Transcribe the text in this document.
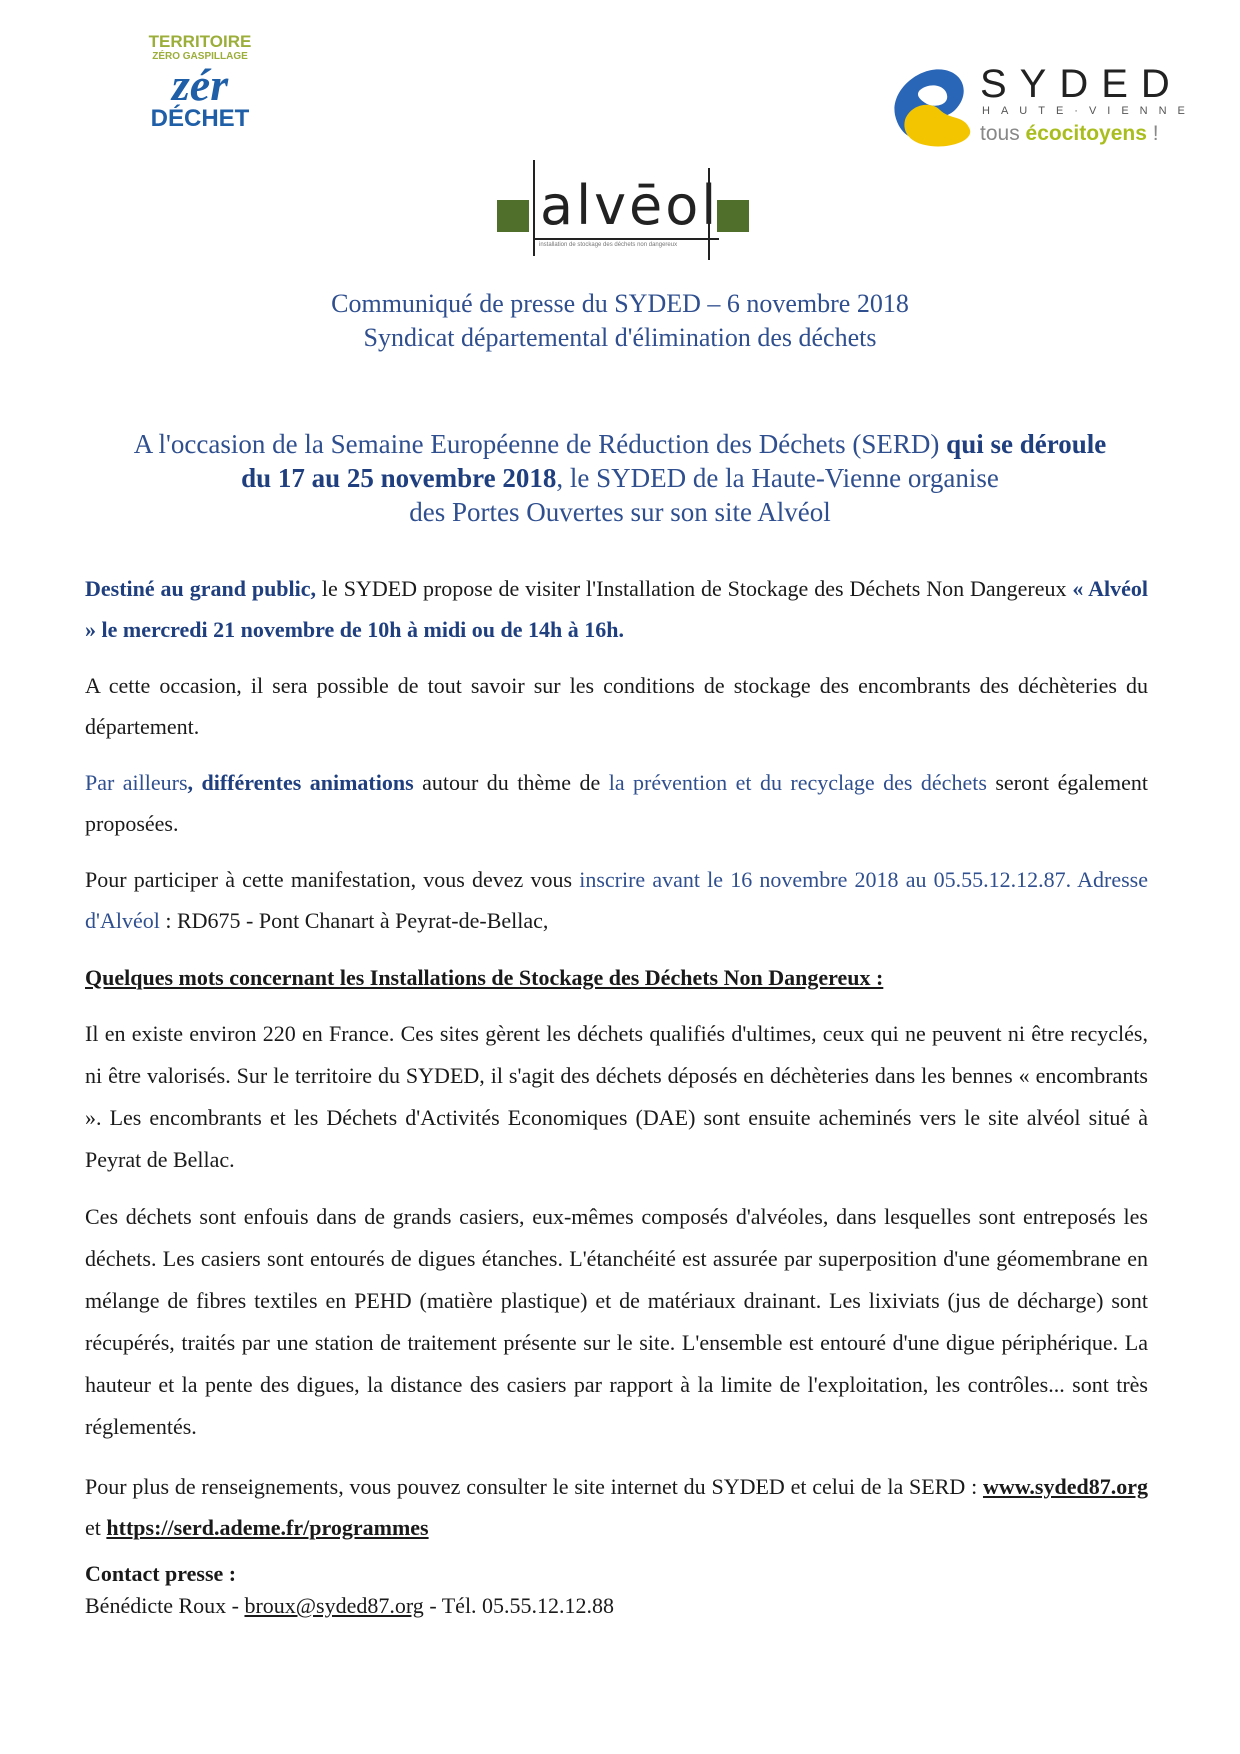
TERRITOIRE
ZÉRO GASPILLAGE
zér
DÉCHET
SYDED
HAUTE·VIENNE
tous écocitoyens !
alvēol
installation de stockage des déchets non dangereux
Communiqué de presse du SYDED – 6 novembre 2018
Syndicat départemental d'élimination des déchets
A l'occasion de la Semaine Européenne de Réduction des Déchets (SERD) qui se déroule
du 17 au 25 novembre 2018, le SYDED de la Haute-Vienne organise
des Portes Ouvertes sur son site Alvéol
Destiné au grand public, le SYDED propose de visiter l'Installation de Stockage des Déchets Non Dangereux « Alvéol » le mercredi 21 novembre de 10h à midi ou de 14h à 16h.
A cette occasion, il sera possible de tout savoir sur les conditions de stockage des encombrants des déchèteries du département.
Par ailleurs, différentes animations autour du thème de la prévention et du recyclage des déchets seront également proposées.
Pour participer à cette manifestation, vous devez vous inscrire avant le 16 novembre 2018 au 05.55.12.12.87. Adresse d'Alvéol : RD675 - Pont Chanart à Peyrat-de-Bellac,
Quelques mots concernant les Installations de Stockage des Déchets Non Dangereux :
Il en existe environ 220 en France. Ces sites gèrent les déchets qualifiés d'ultimes, ceux qui ne peuvent ni être recyclés, ni être valorisés. Sur le territoire du SYDED, il s'agit des déchets déposés en déchèteries dans les bennes « encombrants ». Les encombrants et les Déchets d'Activités Economiques (DAE) sont ensuite acheminés vers le site alvéol situé à Peyrat de Bellac.
Ces déchets sont enfouis dans de grands casiers, eux-mêmes composés d'alvéoles, dans lesquelles sont entreposés les déchets. Les casiers sont entourés de digues étanches. L'étanchéité est assurée par superposition d'une géomembrane en mélange de fibres textiles en PEHD (matière plastique) et de matériaux drainant. Les lixiviats (jus de décharge) sont récupérés, traités par une station de traitement présente sur le site. L'ensemble est entouré d'une digue périphérique. La hauteur et la pente des digues, la distance des casiers par rapport à la limite de l'exploitation, les contrôles... sont très réglementés.
Pour plus de renseignements, vous pouvez consulter le site internet du SYDED et celui de la SERD : www.syded87.org et https://serd.ademe.fr/programmes
Contact presse :
Bénédicte Roux - broux@syded87.org - Tél. 05.55.12.12.88
